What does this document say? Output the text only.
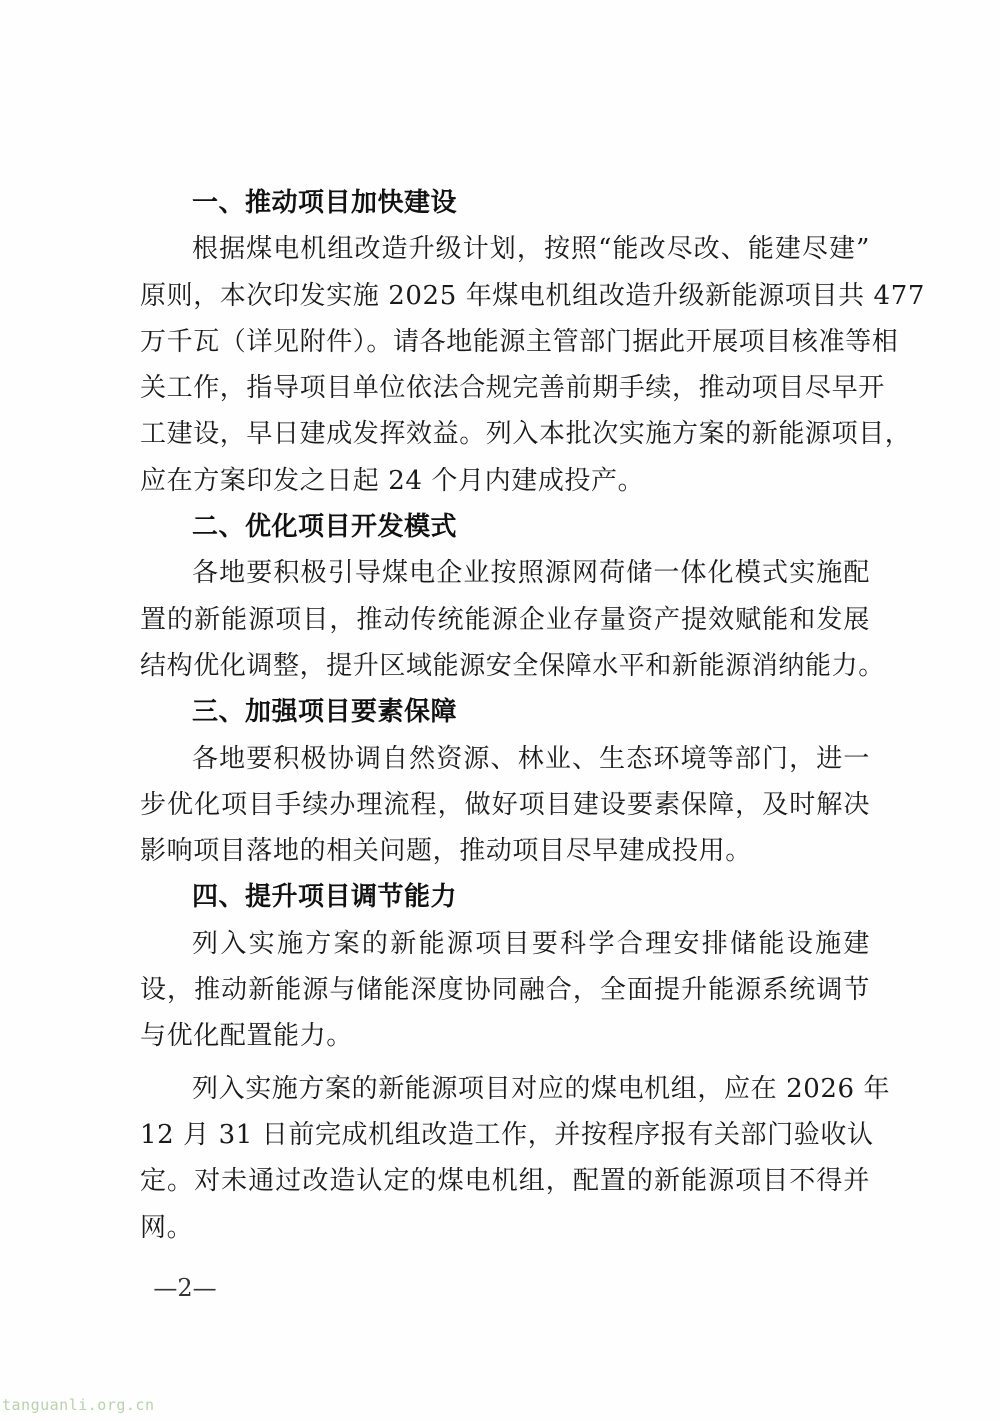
一、推动项目加快建设
根据煤电机组改造升级计划，按照“能改尽改、能建尽建”
原则，本次印发实施 2025 年煤电机组改造升级新能源项目共 477
万千瓦（详见附件）。请各地能源主管部门据此开展项目核准等相
关工作，指导项目单位依法合规完善前期手续，推动项目尽早开
工建设，早日建成发挥效益。列入本批次实施方案的新能源项目，
应在方案印发之日起 24 个月内建成投产。
二、优化项目开发模式
各地要积极引导煤电企业按照源网荷储一体化模式实施配
置的新能源项目，推动传统能源企业存量资产提效赋能和发展
结构优化调整，提升区域能源安全保障水平和新能源消纳能力。
三、加强项目要素保障
各地要积极协调自然资源、林业、生态环境等部门，进一
步优化项目手续办理流程，做好项目建设要素保障，及时解决
影响项目落地的相关问题，推动项目尽早建成投用。
四、提升项目调节能力
列入实施方案的新能源项目要科学合理安排储能设施建
设，推动新能源与储能深度协同融合，全面提升能源系统调节
与优化配置能力。
列入实施方案的新能源项目对应的煤电机组，应在 2026 年
12 月 31 日前完成机组改造工作，并按程序报有关部门验收认
定。对未通过改造认定的煤电机组，配置的新能源项目不得并
网。
—2—
tanguanli.org.cn
